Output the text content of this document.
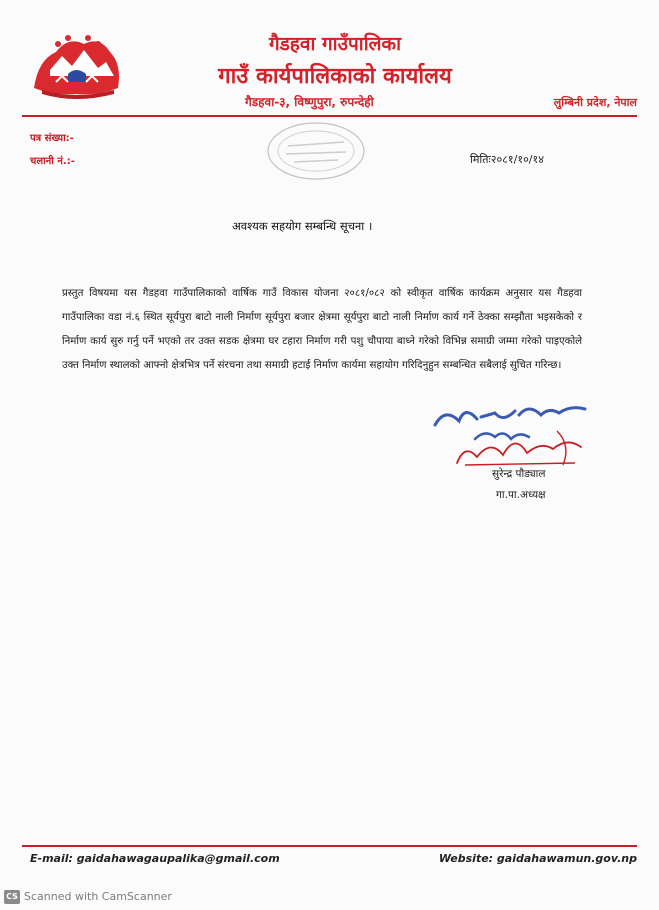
गैडहवा गाउँपालिका
गाउँ कार्यपालिकाको कार्यालय
गैडहवा-३, विष्णुपुरा, रुपन्देही	लुम्बिनी प्रदेश, नेपाल
पत्र संख्या:-
चलानी नं.:-	मितिः२०८१/१०/१४
अवश्यक सहयोग सम्बन्धि सूचना ।
प्रस्तुत विषयमा यस गैडहवा गाउँपालिकाको वार्षिक गाउँ विकास योजना २०८१/०८२ को स्वीकृत वार्षिक कार्यक्रम अनुसार यस गैडहवा गाउँपालिका वडा नं.६ स्थित सूर्यपुरा बाटो नाली निर्माण सूर्यपुरा बजार क्षेत्रमा सूर्यपुरा बाटो नाली निर्माण कार्य गर्ने ठेक्का सम्झौता भइसकेको र निर्माण कार्य सुरु गर्नु पर्ने भएको तर उक्त सडक क्षेत्रमा घर टहारा निर्माण गरी पशु चौपाया बाध्ने गरेको विभिन्न समाग्री जम्मा गरेको पाइएकोले उक्त निर्माण स्थालको आफ्नो क्षेत्रभित्र पर्ने संरचना तथा समाग्री हटाई निर्माण कार्यमा सहायोग गरिदिनुहुन सम्बन्धित सबैलाई सुचित गरिन्छ।
सुरेन्द्र पौड्याल
गा.पा.अध्यक्ष
E-mail: gaidahawagaupalika@gmail.com	Website: gaidahawamun.gov.np
CS Scanned with CamScanner
